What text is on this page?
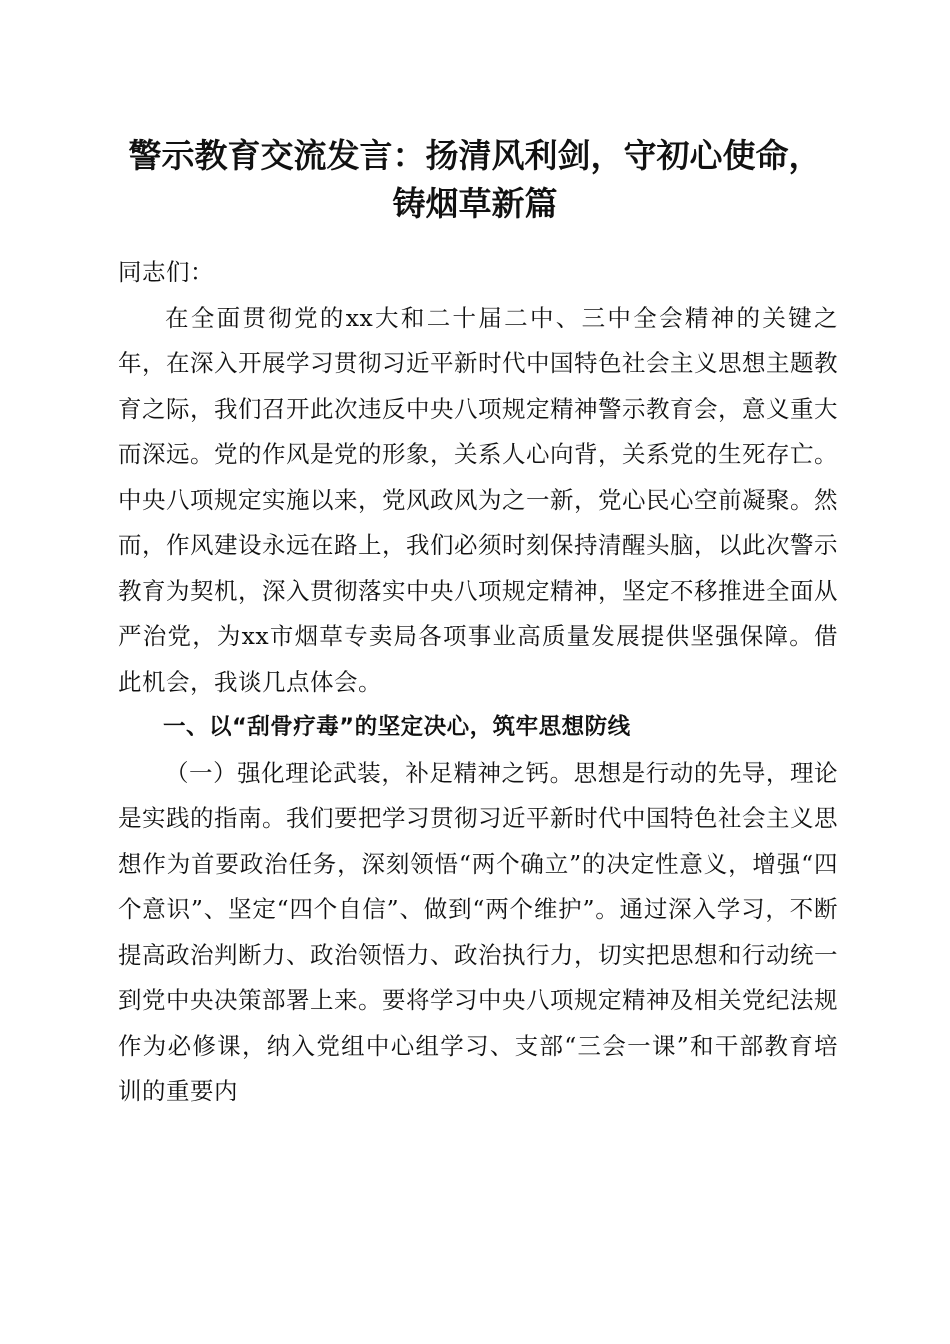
警示教育交流发言：扬清风利剑，守初心使命，
铸烟草新篇

同志们：

在全面贯彻党的xx大和二十届二中、三中全会精神的关键之年，在深入开展学习贯彻习近平新时代中国特色社会主义思想主题教育之际，我们召开此次违反中央八项规定精神警示教育会，意义重大而深远。党的作风是党的形象，关系人心向背，关系党的生死存亡。中央八项规定实施以来，党风政风为之一新，党心民心空前凝聚。然而，作风建设永远在路上，我们必须时刻保持清醒头脑，以此次警示教育为契机，深入贯彻落实中央八项规定精神，坚定不移推进全面从严治党，为xx市烟草专卖局各项事业高质量发展提供坚强保障。借此机会，我谈几点体会。

一、以“刮骨疗毒”的坚定决心，筑牢思想防线

（一）强化理论武装，补足精神之钙。思想是行动的先导，理论是实践的指南。我们要把学习贯彻习近平新时代中国特色社会主义思想作为首要政治任务，深刻领悟“两个确立”的决定性意义，增强“四个意识”、坚定“四个自信”、做到“两个维护”。通过深入学习，不断提高政治判断力、政治领悟力、政治执行力，切实把思想和行动统一到党中央决策部署上来。要将学习中央八项规定精神及相关党纪法规作为必修课，纳入党组中心组学习、支部“三会一课”和干部教育培训的重要内
